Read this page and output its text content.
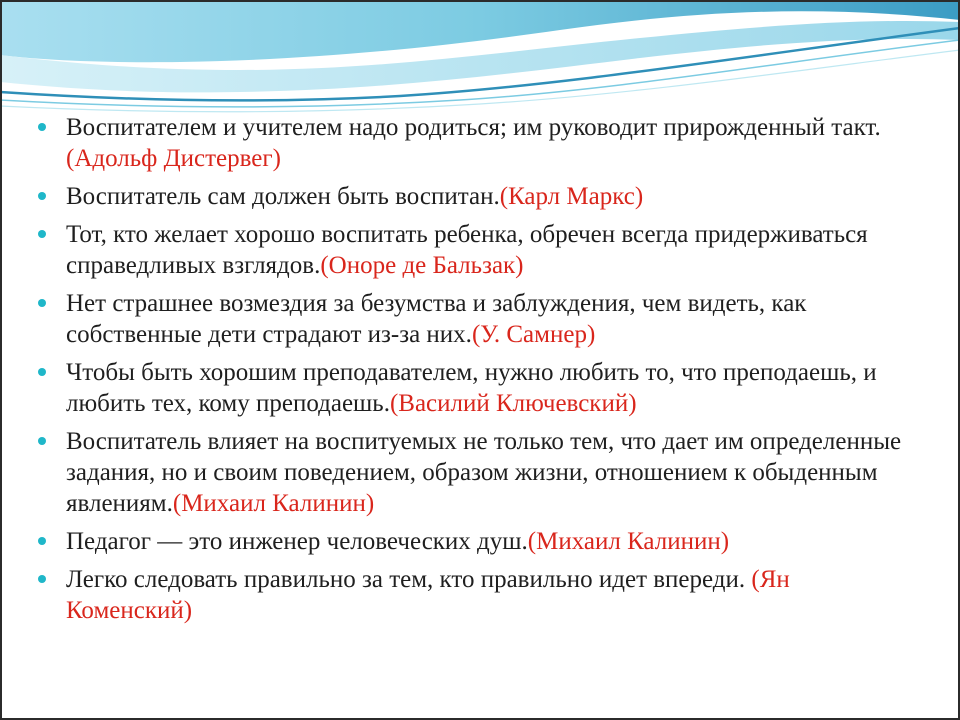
Воспитателем и учителем надо родиться; им руководит прирожденный такт.(Адольф Дистервег)
Воспитатель сам должен быть воспитан.(Карл Маркс)
Тот, кто желает хорошо воспитать ребенка, обречен всегда придерживаться справедливых взглядов.(Оноре де Бальзак)
Нет страшнее возмездия за безумства и заблуждения, чем видеть, как собственные дети страдают из-за них.(У. Самнер)
Чтобы быть хорошим преподавателем, нужно любить то, что преподаешь, и любить тех, кому преподаешь.(Василий Ключевский)
Воспитатель влияет на воспитуемых не только тем, что дает им определенные задания, но и своим поведением, образом жизни, отношением к обыденным явлениям.(Михаил Калинин)
Педагог — это инженер человеческих душ.(Михаил Калинин)
Легко следовать правильно за тем, кто правильно идет впереди. (Ян Коменский)
